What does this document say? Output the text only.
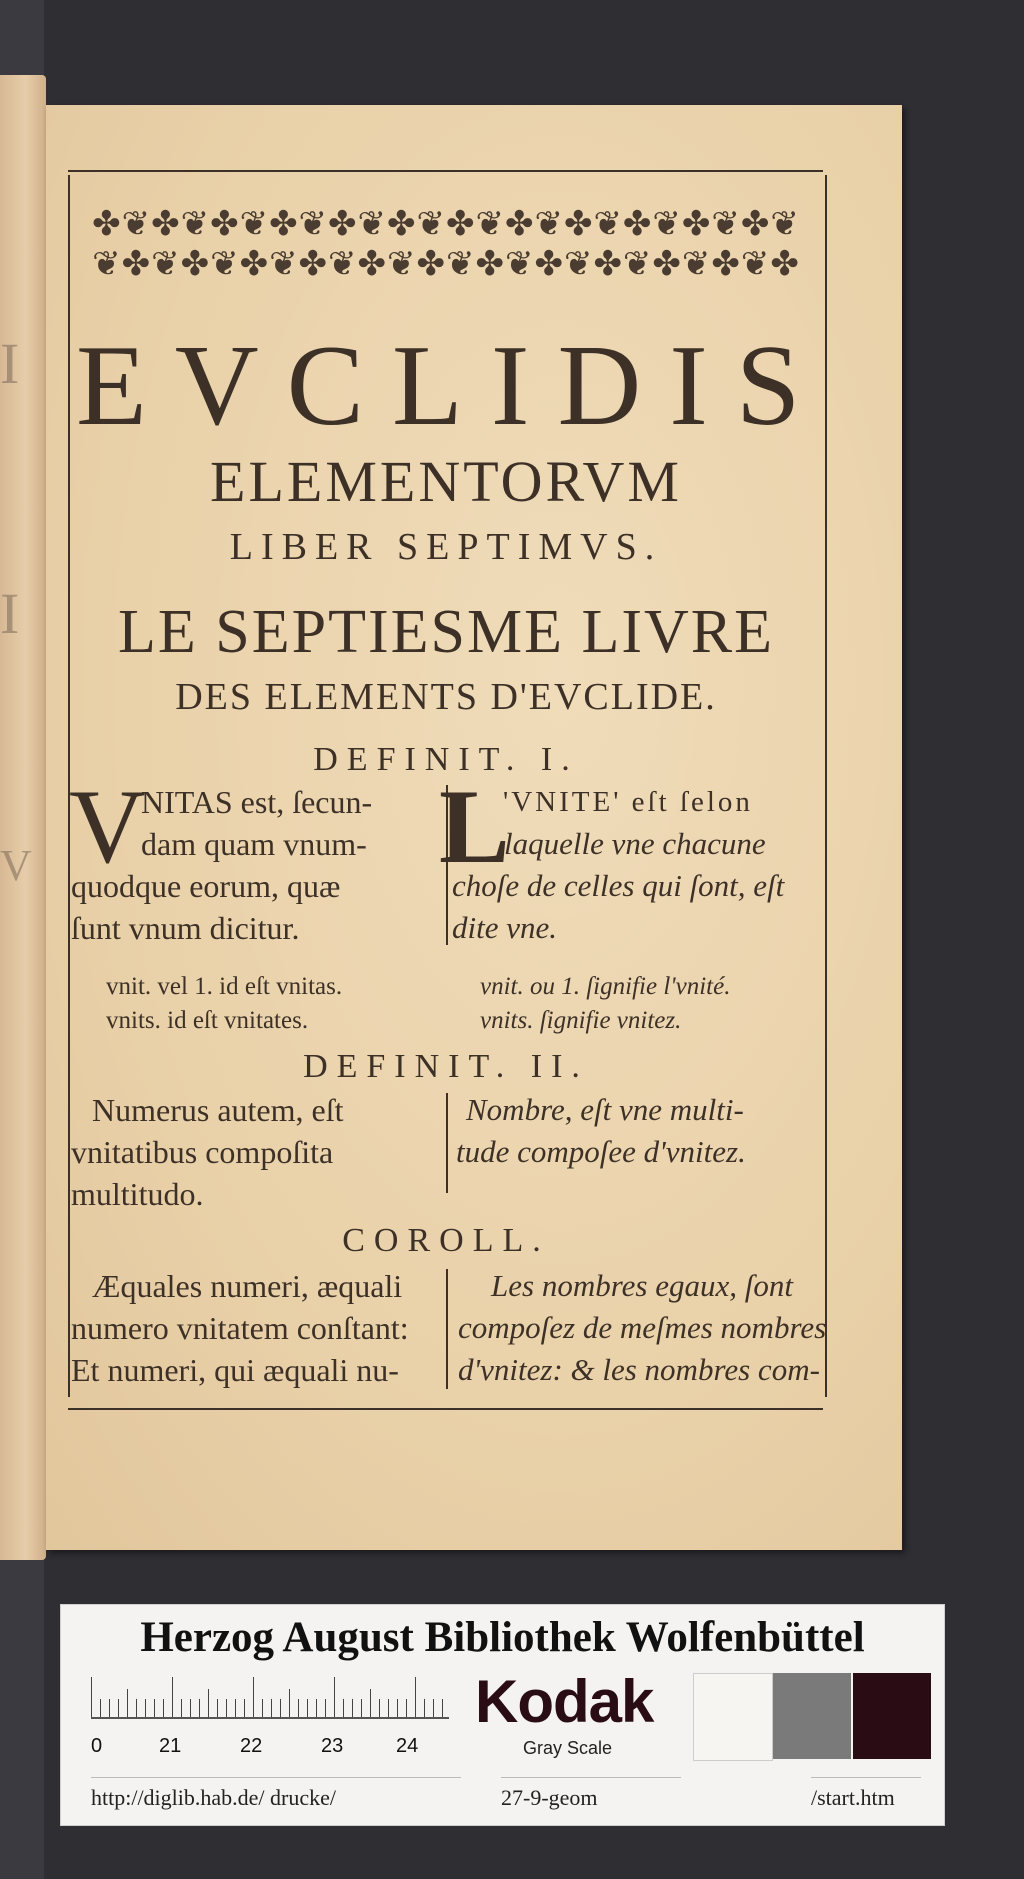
I
I
V
✤❦✤❦✤❦✤❦✤❦✤❦✤❦✤❦✤❦✤❦✤❦✤❦
❦✤❦✤❦✤❦✤❦✤❦✤❦✤❦✤❦✤❦✤❦✤❦✤
EVCLIDIS
ELEMENTORVM
LIBER SEPTIMVS.
LE SEPTIESME LIVRE
DES ELEMENTS D'EVCLIDE.
DEFINIT. I.
V
NITAS est, ſecun-
dam quam vnum-
quodque eorum, quæ
ſunt vnum dicitur.
L
'VNITE' eſt ſelon
laquelle vne chacune
choſe de celles qui ſont, eſt
dite vne.
vnit. vel 1. id eſt vnitas.
vnits. id eſt vnitates.
vnit. ou 1. ſignifie l'vnité.
vnits. ſignifie vnitez.
DEFINIT. II.
Numerus autem, eſt
vnitatibus compoſita
multitudo.
Nombre, eſt vne multi-
tude compoſee d'vnitez.
COROLL.
Æquales numeri, æquali
numero vnitatem conſtant:
Et numeri, qui æquali nu-
Les nombres egaux, ſont
compoſez de meſmes nombres
d'vnitez: & les nombres com-
Herzog August Bibliothek Wolfenbüttel
0	21	22	23	24
Kodak
Gray Scale
http://diglib.hab.de/ drucke/	27-9-geom	/start.htm
